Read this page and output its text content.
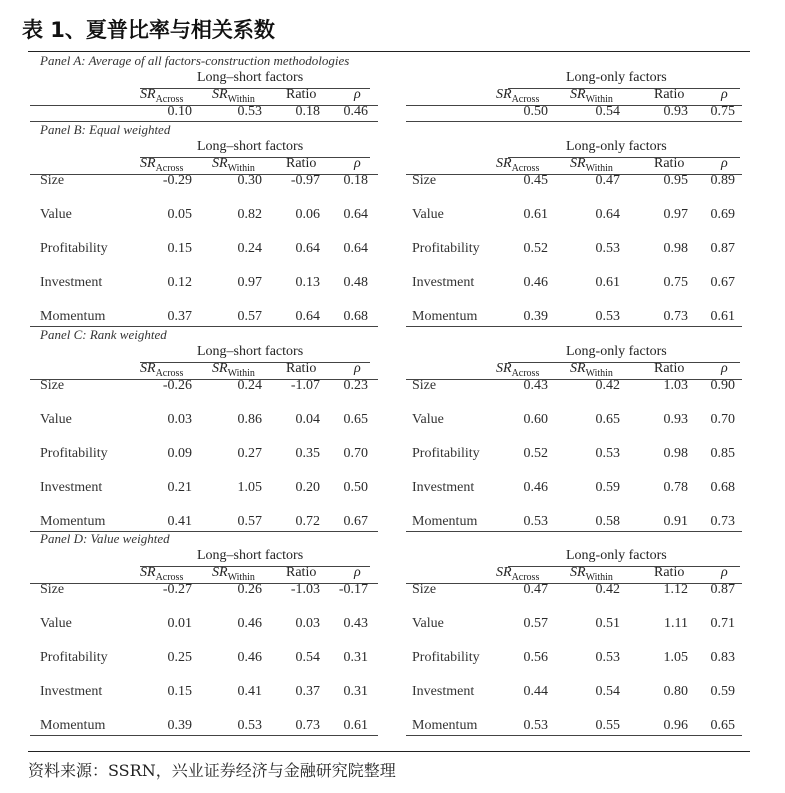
表 1、夏普比率与相关系数
Panel A: Average of all factors-construction methodologies
Long–short factors	Long-only factors
$SR_{Across}$ $SR_{Within}$ Ratio	ρ	$SR_{Across}$ $SR_{Within}$	Ratio	ρ
0.10	0.53	0.18	0.46	0.50	0.54	0.93	0.75
Panel B: Equal weighted
Long–short factors	Long-only factors
$SR_{Across}$ $SR_{Within}$ Ratio	ρ	$SR_{Across}$ $SR_{Within}$	Ratio	ρ
Size	-0.29	0.30	-0.97	0.18	Size	0.45	0.47	0.95	0.89
Value	0.05	0.82	0.06	0.64	Value	0.61	0.64	0.97	0.69
Profitability	0.15	0.24	0.64	0.64	Profitability	0.52	0.53	0.98	0.87
Investment	0.12	0.97	0.13	0.48	Investment	0.46	0.61	0.75	0.67
Momentum	0.37	0.57	0.64	0.68	Momentum	0.39	0.53	0.73	0.61
Panel C: Rank weighted
Long–short factors	Long-only factors
$SR_{Across}$ $SR_{Within}$ Ratio	ρ	$SR_{Across}$ $SR_{Within}$	Ratio	ρ
Size	-0.26	0.24	-1.07	0.23	Size	0.43	0.42	1.03	0.90
Value	0.03	0.86	0.04	0.65	Value	0.60	0.65	0.93	0.70
Profitability	0.09	0.27	0.35	0.70	Profitability	0.52	0.53	0.98	0.85
Investment	0.21	1.05	0.20	0.50	Investment	0.46	0.59	0.78	0.68
Momentum	0.41	0.57	0.72	0.67	Momentum	0.53	0.58	0.91	0.73
Panel D: Value weighted
Long–short factors	Long-only factors
$SR_{Across}$ $SR_{Within}$ Ratio	ρ	$SR_{Across}$ $SR_{Within}$	Ratio	ρ
Size	-0.27	0.26	-1.03	-0.17	Size	0.47	0.42	1.12	0.87
Value	0.01	0.46	0.03	0.43	Value	0.57	0.51	1.11	0.71
Profitability	0.25	0.46	0.54	0.31	Profitability	0.56	0.53	1.05	0.83
Investment	0.15	0.41	0.37	0.31	Investment	0.44	0.54	0.80	0.59
Momentum	0.39	0.53	0.73	0.61	Momentum	0.53	0.55	0.96	0.65
资料来源：SSRN，兴业证券经济与金融研究院整理
